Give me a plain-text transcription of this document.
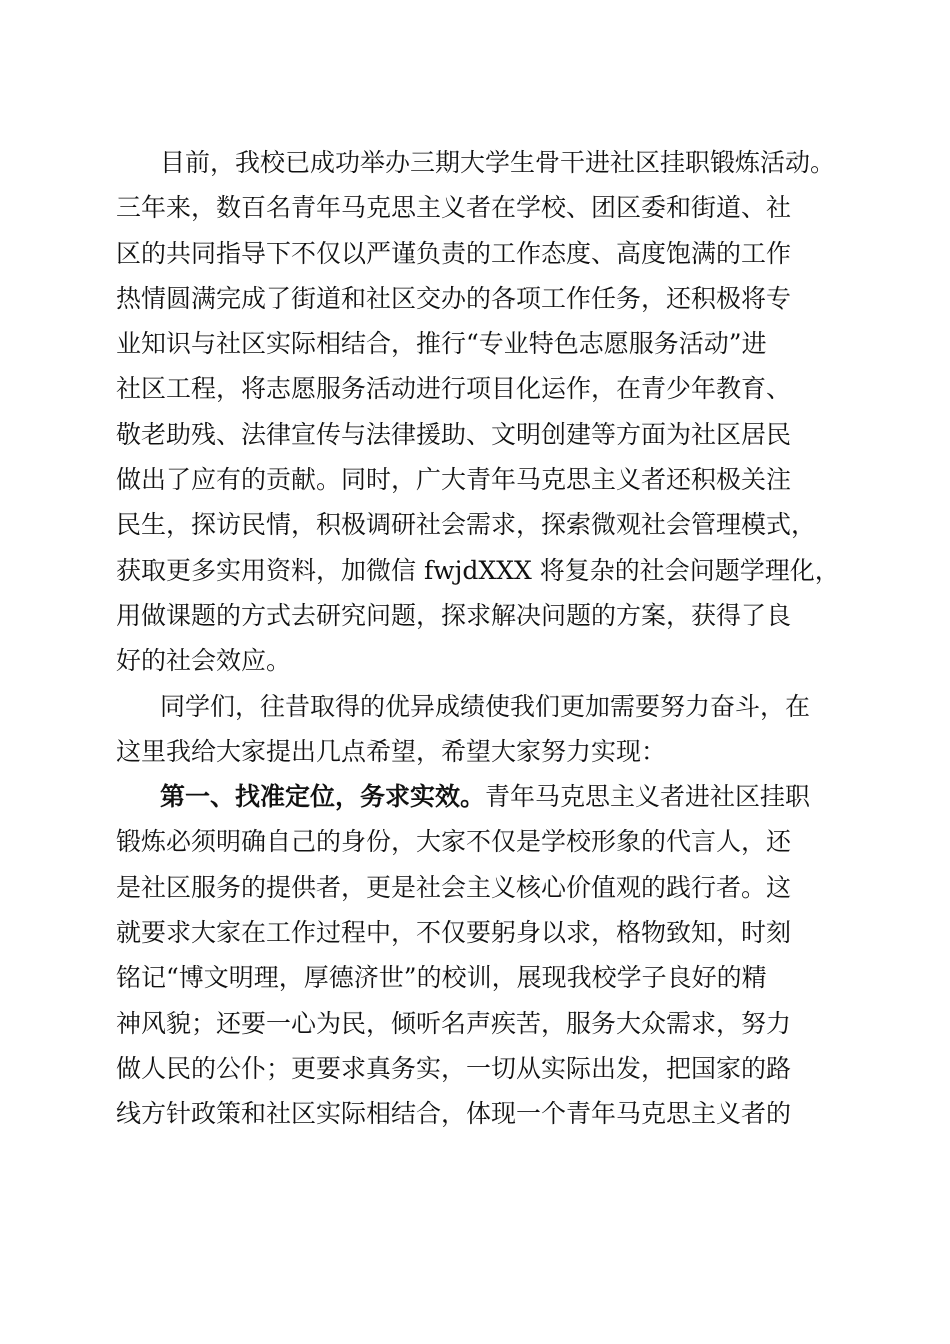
目前，我校已成功举办三期大学生骨干进社区挂职锻炼活动。
三年来，数百名青年马克思主义者在学校、团区委和街道、社
区的共同指导下不仅以严谨负责的工作态度、高度饱满的工作
热情圆满完成了街道和社区交办的各项工作任务，还积极将专
业知识与社区实际相结合，推行“专业特色志愿服务活动”进
社区工程，将志愿服务活动进行项目化运作，在青少年教育、
敬老助残、法律宣传与法律援助、文明创建等方面为社区居民
做出了应有的贡献。同时，广大青年马克思主义者还积极关注
民生，探访民情，积极调研社会需求，探索微观社会管理模式，
获取更多实用资料，加微信 fwjdXXX 将复杂的社会问题学理化，
用做课题的方式去研究问题，探求解决问题的方案，获得了良
好的社会效应。
同学们，往昔取得的优异成绩使我们更加需要努力奋斗，在
这里我给大家提出几点希望，希望大家努力实现：
第一、找准定位，务求实效。青年马克思主义者进社区挂职
锻炼必须明确自己的身份，大家不仅是学校形象的代言人，还
是社区服务的提供者，更是社会主义核心价值观的践行者。这
就要求大家在工作过程中，不仅要躬身以求，格物致知，时刻
铭记“博文明理，厚德济世”的校训，展现我校学子良好的精
神风貌；还要一心为民，倾听名声疾苦，服务大众需求，努力
做人民的公仆；更要求真务实，一切从实际出发，把国家的路
线方针政策和社区实际相结合，体现一个青年马克思主义者的
